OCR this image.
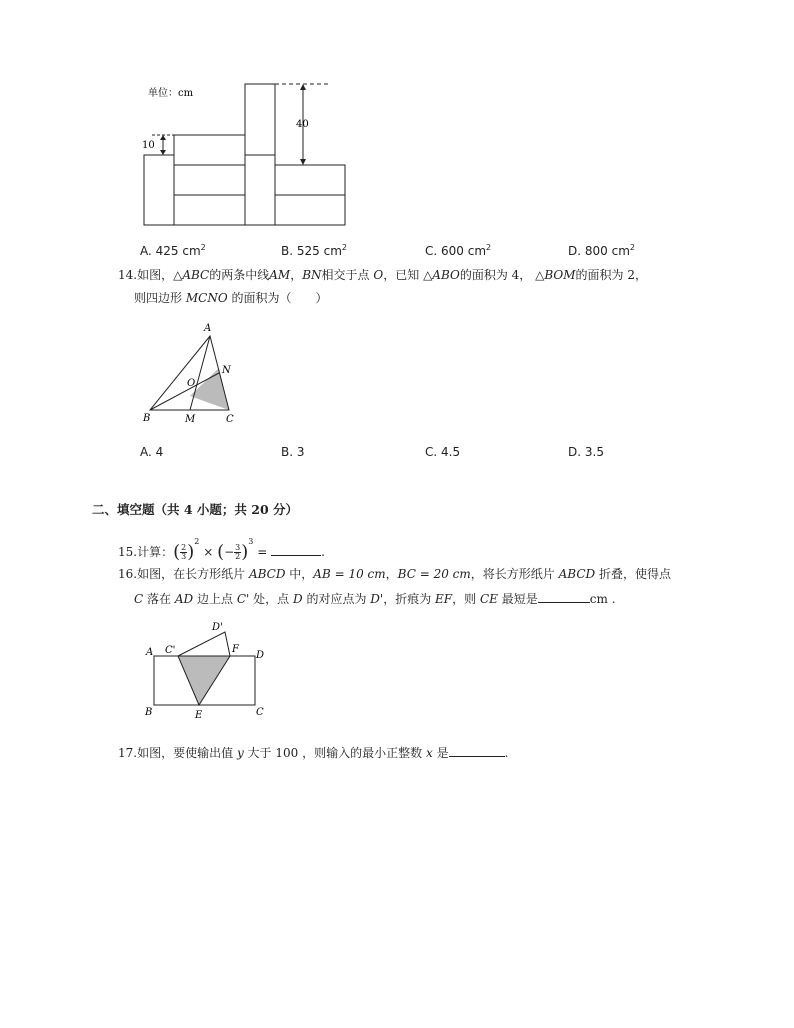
单位：cm
10
40
A. 425 $cm^2$	B. 525 $cm^2$	C. 600 $cm^2$	D. 800 $cm^2$
14.如图，△ABC的两条中线AM，BN相交于点 O，已知 △ABO的面积为 4， △BOM的面积为 2，
则四边形 MCNO 的面积为（　　）
A
B	C
M
N
O
A. 4	B. 3	C. 4.5	D. 3.5
二、填空题（共 4 小题；共 20 分）
15.计算：( $\frac{2}{3} )^2$ × (− $\frac{3}{2} )^3$ =	.
16.如图，在长方形纸片 ABCD 中，AB = 10 cm，BC = 20 cm，将长方形纸片 ABCD 折叠，使得点
C 落在 AD 边上点 C' 处，点 D 的对应点为 D'，折痕为 EF，则 CE 最短是	cm .
A
B	C
D
E
F
C'
D'
17.如图，要使输出值 y 大于 100 ，则输入的最小正整数 x 是	.
